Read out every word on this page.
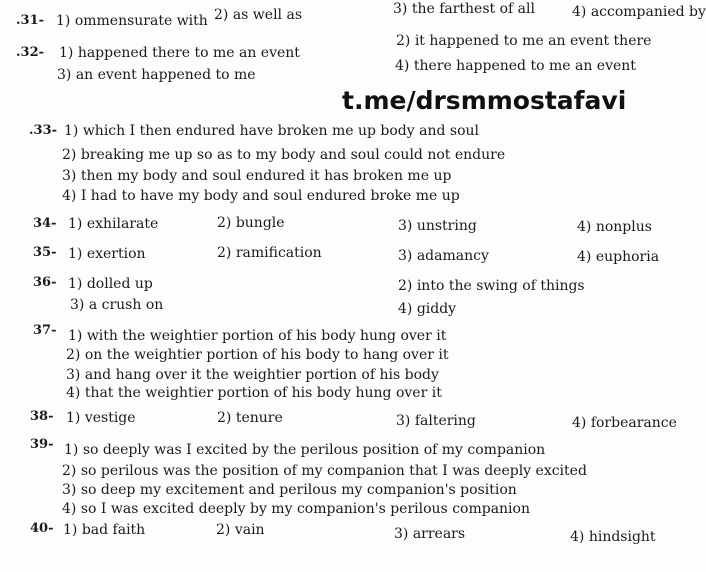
.31- 1) ommensurate with 2) as well as	3) the farthest of all	4) accompanied by
.32- 1) happened there to me an event
2) it happened to me an event there
3) an event happened to me
4) there happened to me an event
t.me/drsmmostafavi
.33- 1) which I then endured have broken me up body and soul
2) breaking me up so as to my body and soul could not endure
3) then my body and soul endured it has broken me up
4) I had to have my body and soul endured broke me up
34- 1) exhilarate	2) bungle	3) unstring	4) nonplus
35- 1) exertion	2) ramification	3) adamancy	4) euphoria
36- 1) dolled up	2) into the swing of things
3) a crush on	4) giddy
37- 1) with the weightier portion of his body hung over it
2) on the weightier portion of his body to hang over it
3) and hang over it the weightier portion of his body
4) that the weightier portion of his body hung over it
38- 1) vestige	2) tenure	3) faltering	4) forbearance
39- 1) so deeply was I excited by the perilous position of my companion
2) so perilous was the position of my companion that I was deeply excited
3) so deep my excitement and perilous my companion's position
4) so I was excited deeply by my companion's perilous companion
40- 1) bad faith	2) vain	3) arrears	4) hindsight
